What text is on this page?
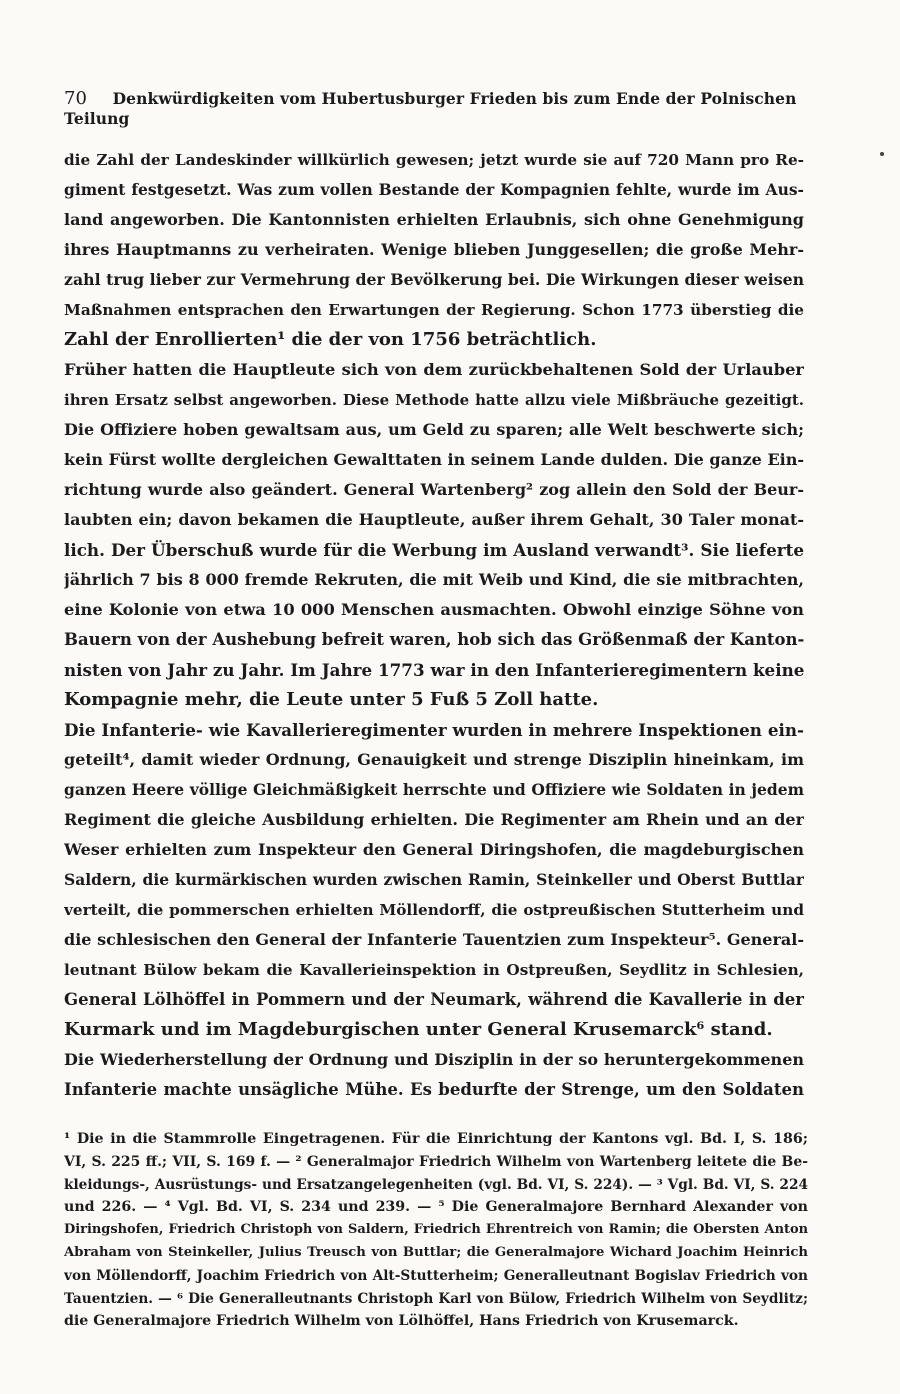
70 Denkwürdigkeiten vom Hubertusburger Frieden bis zum Ende der Polnischen Teilung
die Zahl der Landeskinder willkürlich gewesen; jetzt wurde sie auf 720 Mann pro Re-
giment festgesetzt. Was zum vollen Bestande der Kompagnien fehlte, wurde im Aus-
land angeworben. Die Kantonnisten erhielten Erlaubnis, sich ohne Genehmigung
ihres Hauptmanns zu verheiraten. Wenige blieben Junggesellen; die große Mehr-
zahl trug lieber zur Vermehrung der Bevölkerung bei. Die Wirkungen dieser weisen
Maßnahmen entsprachen den Erwartungen der Regierung. Schon 1773 überstieg die
Zahl der Enrollierten¹ die der von 1756 beträchtlich.
Früher hatten die Hauptleute sich von dem zurückbehaltenen Sold der Urlauber
ihren Ersatz selbst angeworben. Diese Methode hatte allzu viele Mißbräuche gezeitigt.
Die Offiziere hoben gewaltsam aus, um Geld zu sparen; alle Welt beschwerte sich;
kein Fürst wollte dergleichen Gewalttaten in seinem Lande dulden. Die ganze Ein-
richtung wurde also geändert. General Wartenberg² zog allein den Sold der Beur-
laubten ein; davon bekamen die Hauptleute, außer ihrem Gehalt, 30 Taler monat-
lich. Der Überschuß wurde für die Werbung im Ausland verwandt³. Sie lieferte
jährlich 7 bis 8 000 fremde Rekruten, die mit Weib und Kind, die sie mitbrachten,
eine Kolonie von etwa 10 000 Menschen ausmachten. Obwohl einzige Söhne von
Bauern von der Aushebung befreit waren, hob sich das Größenmaß der Kanton-
nisten von Jahr zu Jahr. Im Jahre 1773 war in den Infanterieregimentern keine
Kompagnie mehr, die Leute unter 5 Fuß 5 Zoll hatte.
Die Infanterie- wie Kavallerieregimenter wurden in mehrere Inspektionen ein-
geteilt⁴, damit wieder Ordnung, Genauigkeit und strenge Disziplin hineinkam, im
ganzen Heere völlige Gleichmäßigkeit herrschte und Offiziere wie Soldaten in jedem
Regiment die gleiche Ausbildung erhielten. Die Regimenter am Rhein und an der
Weser erhielten zum Inspekteur den General Diringshofen, die magdeburgischen
Saldern, die kurmärkischen wurden zwischen Ramin, Steinkeller und Oberst Buttlar
verteilt, die pommerschen erhielten Möllendorff, die ostpreußischen Stutterheim und
die schlesischen den General der Infanterie Tauentzien zum Inspekteur⁵. General-
leutnant Bülow bekam die Kavallerieinspektion in Ostpreußen, Seydlitz in Schlesien,
General Lölhöffel in Pommern und der Neumark, während die Kavallerie in der
Kurmark und im Magdeburgischen unter General Krusemarck⁶ stand.
Die Wiederherstellung der Ordnung und Disziplin in der so heruntergekommenen
Infanterie machte unsägliche Mühe. Es bedurfte der Strenge, um den Soldaten
¹ Die in die Stammrolle Eingetragenen. Für die Einrichtung der Kantons vgl. Bd. I, S. 186;
VI, S. 225 ff.; VII, S. 169 f. — ² Generalmajor Friedrich Wilhelm von Wartenberg leitete die Be-
kleidungs-, Ausrüstungs- und Ersatzangelegenheiten (vgl. Bd. VI, S. 224). — ³ Vgl. Bd. VI, S. 224
und 226. — ⁴ Vgl. Bd. VI, S. 234 und 239. — ⁵ Die Generalmajore Bernhard Alexander von
Diringshofen, Friedrich Christoph von Saldern, Friedrich Ehrentreich von Ramin; die Obersten Anton
Abraham von Steinkeller, Julius Treusch von Buttlar; die Generalmajore Wichard Joachim Heinrich
von Möllendorff, Joachim Friedrich von Alt-Stutterheim; Generalleutnant Bogislav Friedrich von
Tauentzien. — ⁶ Die Generalleutnants Christoph Karl von Bülow, Friedrich Wilhelm von Seydlitz;
die Generalmajore Friedrich Wilhelm von Lölhöffel, Hans Friedrich von Krusemarck.
